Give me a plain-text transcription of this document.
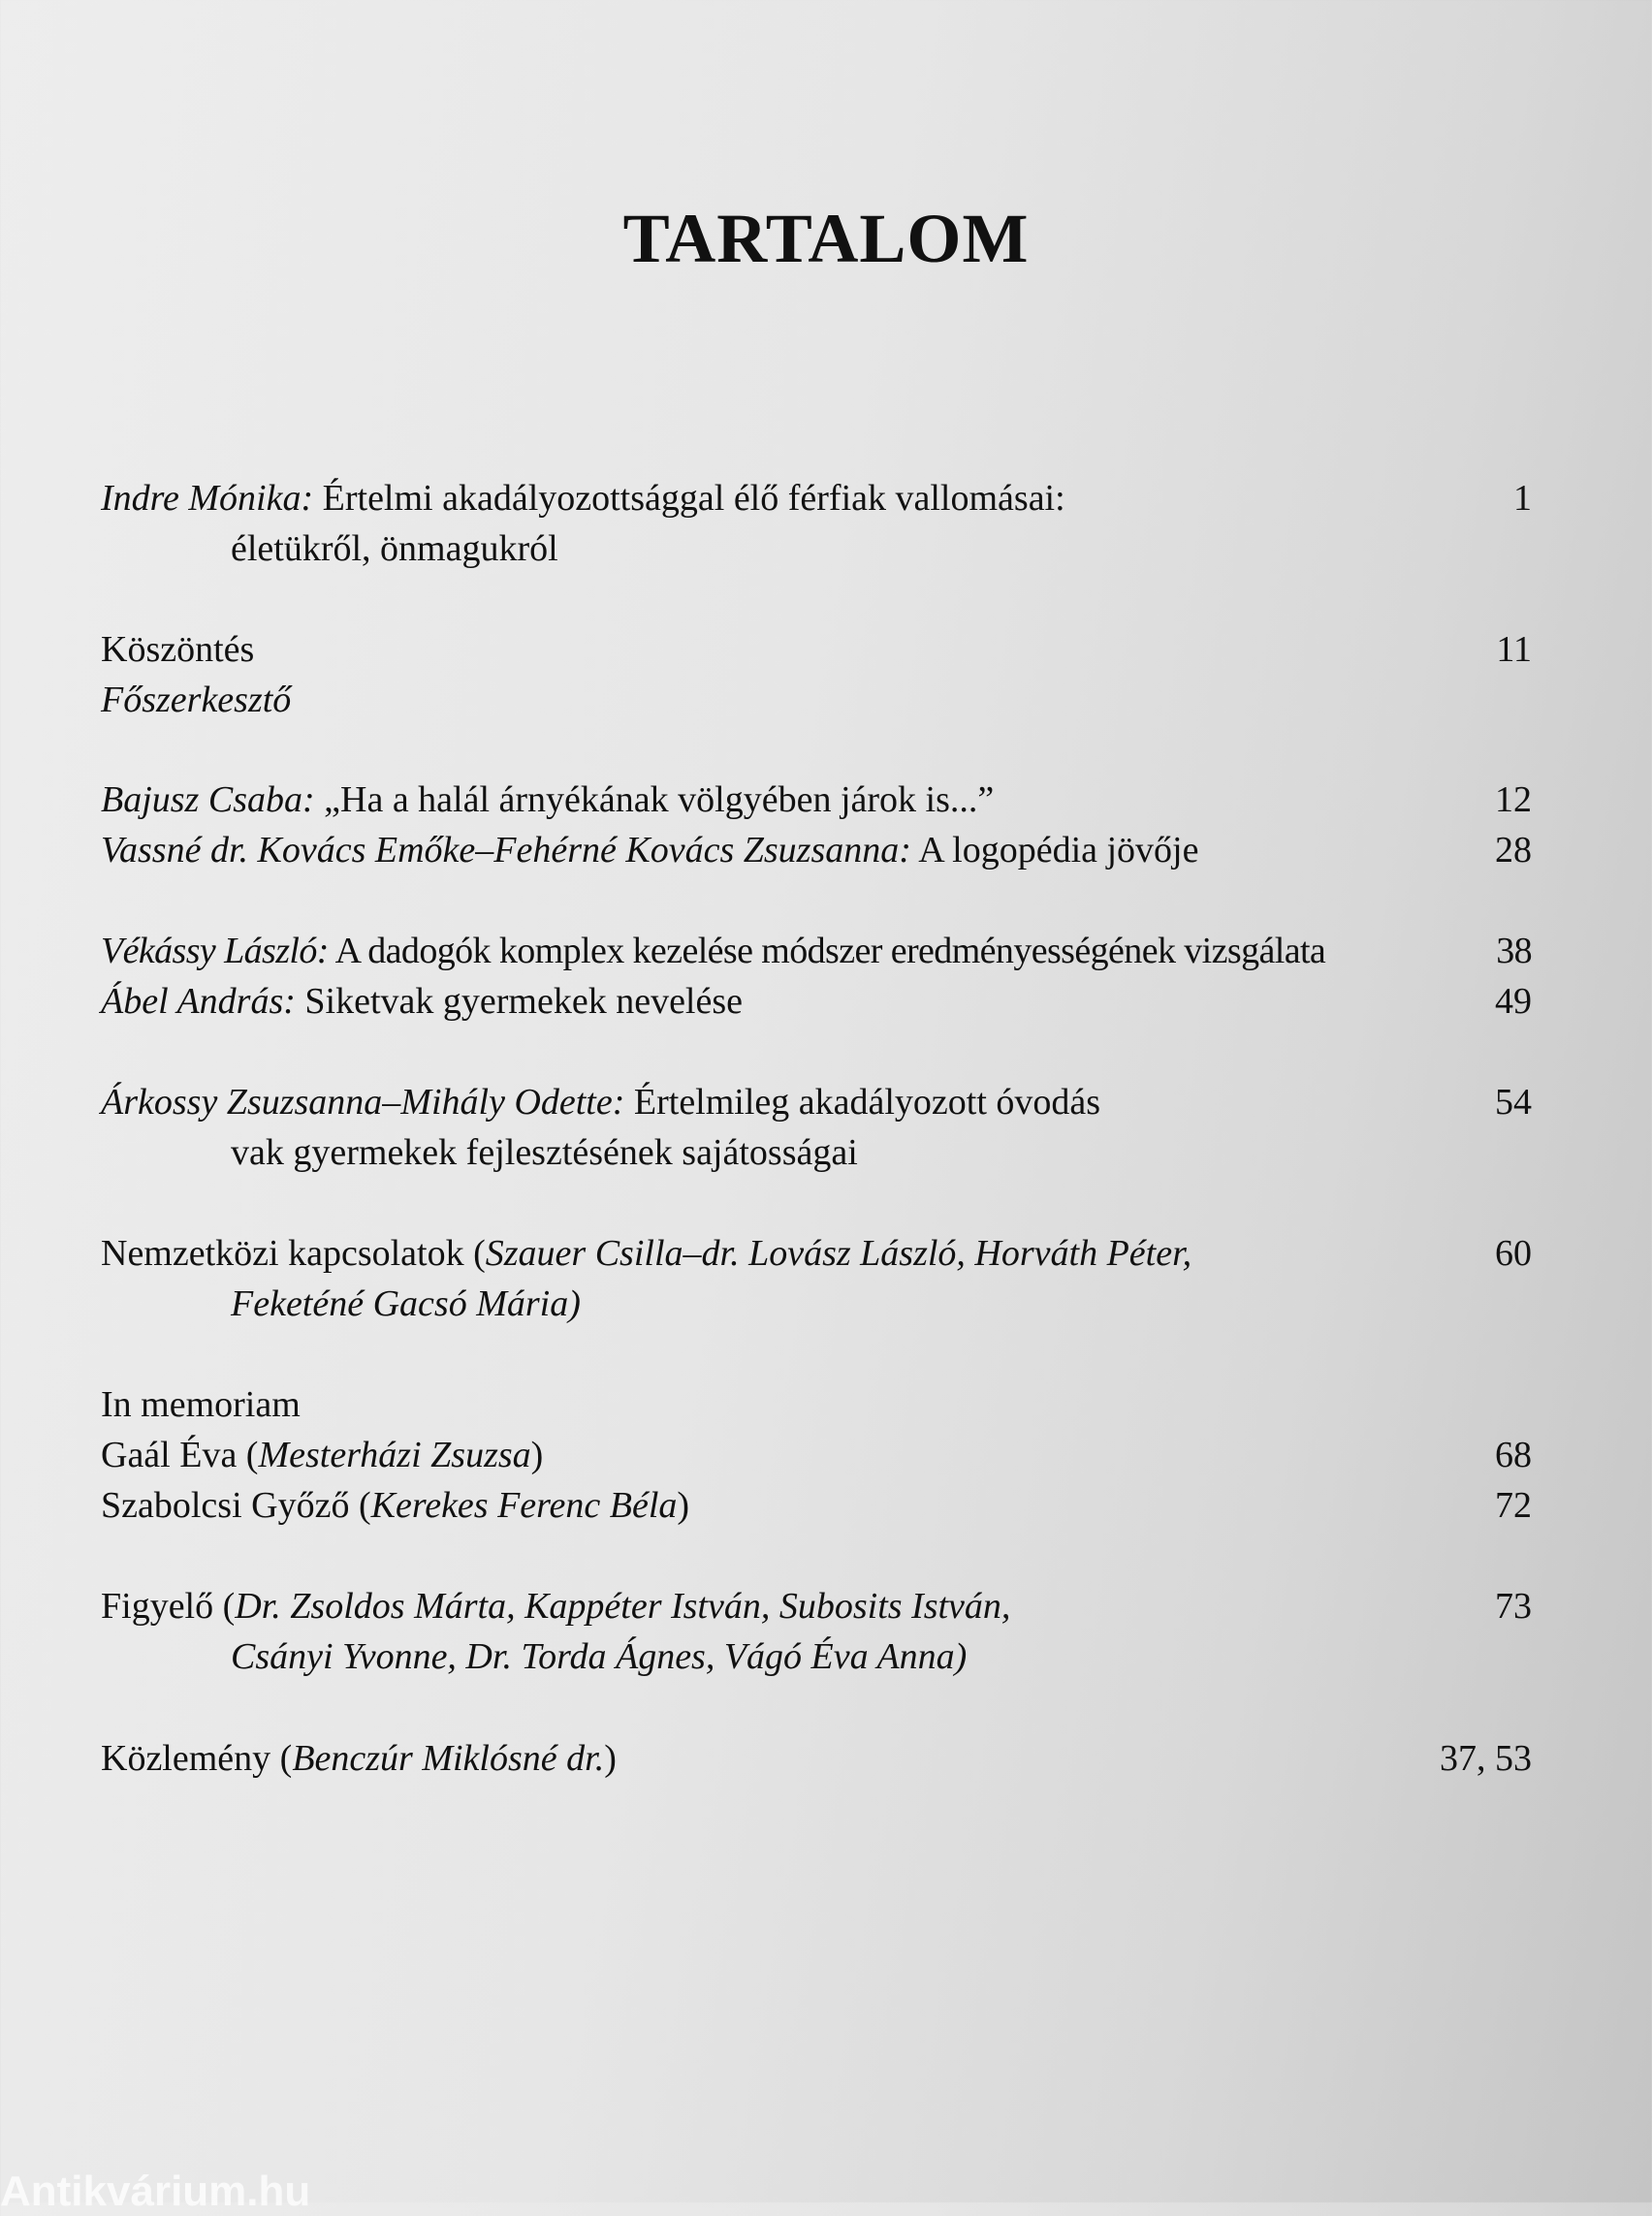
TARTALOM
Indre Mónika: Értelmi akadályozottsággal élő férfiak vallomásai:	1
életükről, önmagukról
Köszöntés	11
Főszerkesztő
Bajusz Csaba: „Ha a halál árnyékának völgyében járok is...”	12
Vassné dr. Kovács Emőke–Fehérné Kovács Zsuzsanna: A logopédia jövője	28
Vékássy László: A dadogók komplex kezelése módszer eredményességének vizsgálata	38
Ábel András: Siketvak gyermekek nevelése	49
Árkossy Zsuzsanna–Mihály Odette: Értelmileg akadályozott óvodás	54
vak gyermekek fejlesztésének sajátosságai
Nemzetközi kapcsolatok (Szauer Csilla–dr. Lovász László, Horváth Péter,	60
Feketéné Gacsó Mária)
In memoriam
Gaál Éva (Mesterházi Zsuzsa)	68
Szabolcsi Győző (Kerekes Ferenc Béla)	72
Figyelő (Dr. Zsoldos Márta, Kappéter István, Subosits István,	73
Csányi Yvonne, Dr. Torda Ágnes, Vágó Éva Anna)
Közlemény (Benczúr Miklósné dr.)	37, 53
Antikvárium.hu
